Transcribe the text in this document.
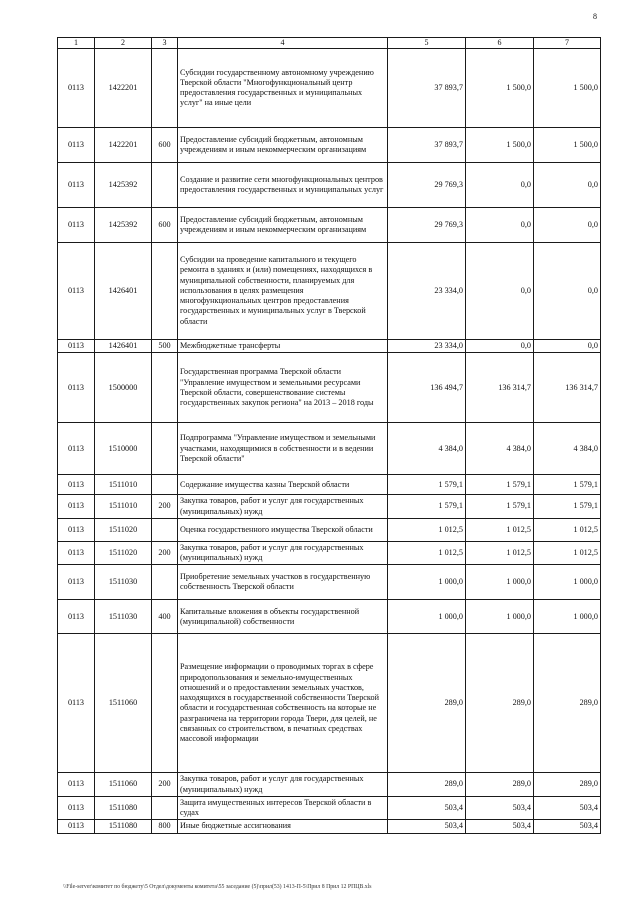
8
1	2	3	4	5	6	7
0113	1422201		Субсидии государственному автономному учреждению Тверской области "Многофункциональный центр предоставления государственных и муниципальных услуг" на иные цели	37 893,7	1 500,0	1 500,0
0113	1422201	600	Предоставление субсидий бюджетным, автономным учреждениям и иным некоммерческим организациям	37 893,7	1 500,0	1 500,0
0113	1425392		Создание и развитие сети многофункциональных центров предоставления государственных и муниципальных услуг	29 769,3	0,0	0,0
0113	1425392	600	Предоставление субсидий бюджетным, автономным учреждениям и иным некоммерческим организациям	29 769,3	0,0	0,0
0113	1426401		Субсидии на проведение капитального и текущего ремонта в зданиях и (или) помещениях, находящихся в муниципальной собственности, планируемых для использования в целях размещения многофункциональных центров предоставления государственных и муниципальных услуг в Тверской области	23 334,0	0,0	0,0
0113	1426401	500	Межбюджетные трансферты	23 334,0	0,0	0,0
0113	1500000		Государственная программа Тверской области "Управление имуществом и земельными ресурсами Тверской области, совершенствование системы государственных закупок региона" на 2013 – 2018 годы	136 494,7	136 314,7	136 314,7
0113	1510000		Подпрограмма "Управление имуществом и земельными участками, находящимися в собственности и в ведении Тверской области"	4 384,0	4 384,0	4 384,0
0113	1511010		Содержание имущества казны Тверской области	1 579,1	1 579,1	1 579,1
0113	1511010	200	Закупка товаров, работ и услуг для государственных (муниципальных) нужд	1 579,1	1 579,1	1 579,1
0113	1511020		Оценка государственного имущества Тверской области	1 012,5	1 012,5	1 012,5
0113	1511020	200	Закупка товаров, работ и услуг для государственных (муниципальных) нужд	1 012,5	1 012,5	1 012,5
0113	1511030		Приобретение земельных участков в государственную собственность Тверской области	1 000,0	1 000,0	1 000,0
0113	1511030	400	Капитальные вложения в объекты государственной (муниципальной) собственности	1 000,0	1 000,0	1 000,0
0113	1511060		Размещение информации о проводимых торгах в сфере природопользования и земельно-имущественных отношений и о предоставлении земельных участков, находящихся в государственной собственности Тверской области и государственная собственность на которые не разграничена на территории города Твери, для целей, не связанных со строительством, в печатных средствах массовой информации	289,0	289,0	289,0
0113	1511060	200	Закупка товаров, работ и услуг для государственных (муниципальных) нужд	289,0	289,0	289,0
0113	1511080		Защита имущественных интересов Тверской области в судах	503,4	503,4	503,4
0113	1511080	800	Иные бюджетные ассигнования	503,4	503,4	503,4
\\File-server\комитет по бюджету\5 Отдел\документы комитета\55 заседание (5)\прил(53) 1413-П-5\Прил 8 Прил 12 РПЦВ.xls
